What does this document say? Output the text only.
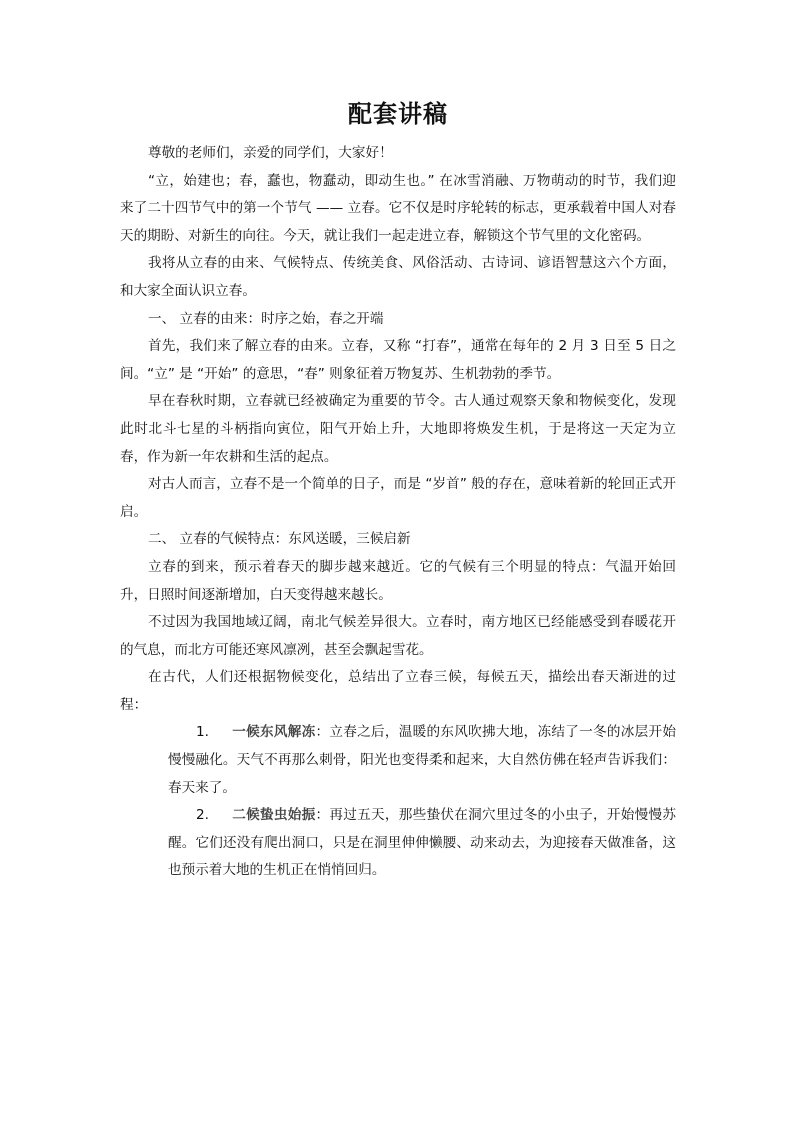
配套讲稿

尊敬的老师们，亲爱的同学们，大家好！

“立，始建也；春，蠢也，物蠢动，即动生也。” 在冰雪消融、万物萌动的时节，我们迎来了二十四节气中的第一个节气 —— 立春。它不仅是时序轮转的标志，更承载着中国人对春天的期盼、对新生的向往。今天，就让我们一起走进立春，解锁这个节气里的文化密码。

我将从立春的由来、气候特点、传统美食、风俗活动、古诗词、谚语智慧这六个方面，和大家全面认识立春。

一、 立春的由来：时序之始，春之开端

首先，我们来了解立春的由来。立春，又称 “打春”，通常在每年的 2 月 3 日至 5 日之间。“立” 是 “开始” 的意思，“春” 则象征着万物复苏、生机勃勃的季节。

早在春秋时期，立春就已经被确定为重要的节令。古人通过观察天象和物候变化，发现此时北斗七星的斗柄指向寅位，阳气开始上升，大地即将焕发生机，于是将这一天定为立春，作为新一年农耕和生活的起点。

对古人而言，立春不是一个简单的日子，而是 “岁首” 般的存在，意味着新的轮回正式开启。

二、 立春的气候特点：东风送暖，三候启新

立春的到来，预示着春天的脚步越来越近。它的气候有三个明显的特点：气温开始回升，日照时间逐渐增加，白天变得越来越长。

不过因为我国地域辽阔，南北气候差异很大。立春时，南方地区已经能感受到春暖花开的气息，而北方可能还寒风凛冽，甚至会飘起雪花。

在古代，人们还根据物候变化，总结出了立春三候，每候五天，描绘出春天渐进的过程：

1. 一候东风解冻：立春之后，温暖的东风吹拂大地，冻结了一冬的冰层开始慢慢融化。天气不再那么刺骨，阳光也变得柔和起来，大自然仿佛在轻声告诉我们：春天来了。

2. 二候蛰虫始振：再过五天，那些蛰伏在洞穴里过冬的小虫子，开始慢慢苏醒。它们还没有爬出洞口，只是在洞里伸伸懒腰、动来动去，为迎接春天做准备，这也预示着大地的生机正在悄悄回归。
